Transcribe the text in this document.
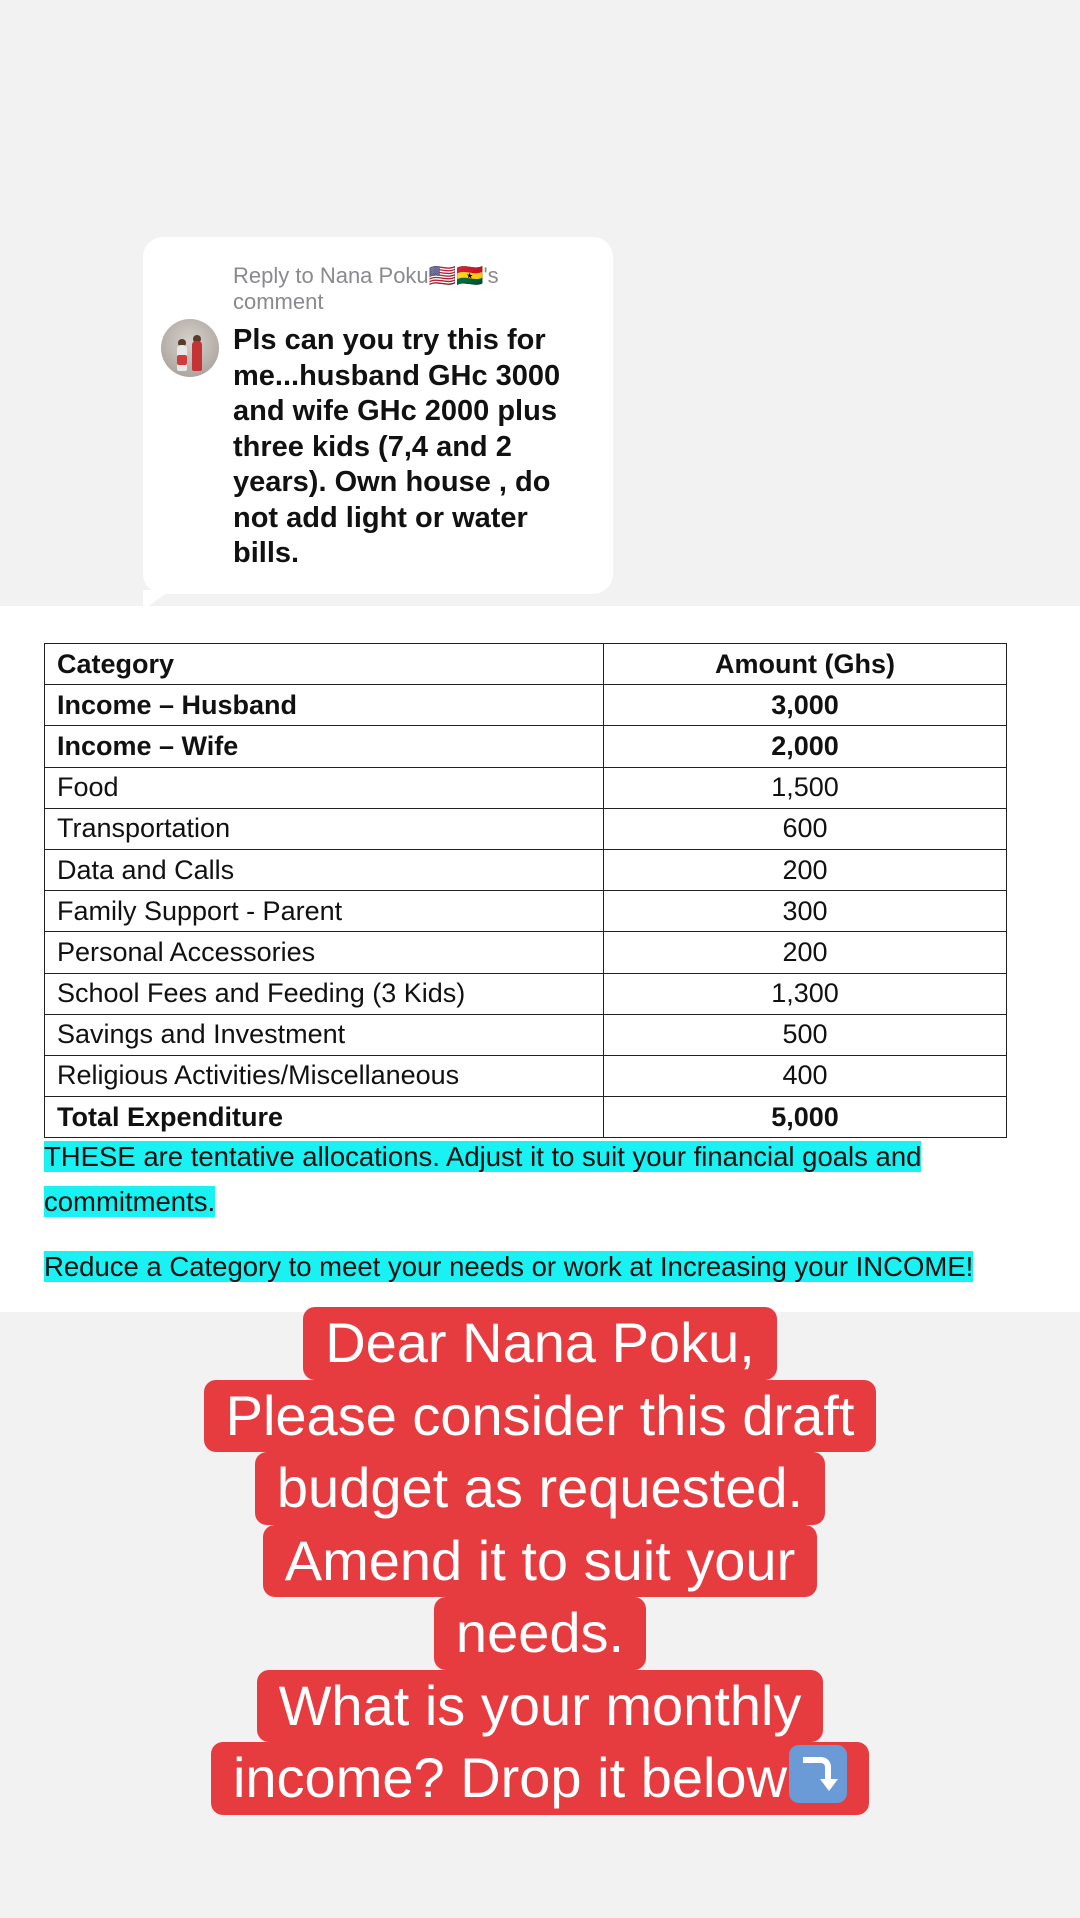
Reply to Nana Poku🇺🇸🇬🇭's comment
Pls can you try this for me...husband GHc 3000 and wife GHc 2000 plus three kids (7,4 and 2 years). Own house , do not add light or water bills.
Category	Amount (Ghs)
Income – Husband	3,000
Income – Wife	2,000
Food	1,500
Transportation	600
Data and Calls	200
Family Support - Parent	300
Personal Accessories	200
School Fees and Feeding (3 Kids)	1,300
Savings and Investment	500
Religious Activities/Miscellaneous	400
Total Expenditure	5,000
THESE are tentative allocations. Adjust it to suit your financial goals and commitments.
Reduce a Category to meet your needs or work at Increasing your INCOME!
Dear Nana Poku,
Please consider this draft
budget as requested.
Amend it to suit your
needs.
What is your monthly
income? Drop it below
